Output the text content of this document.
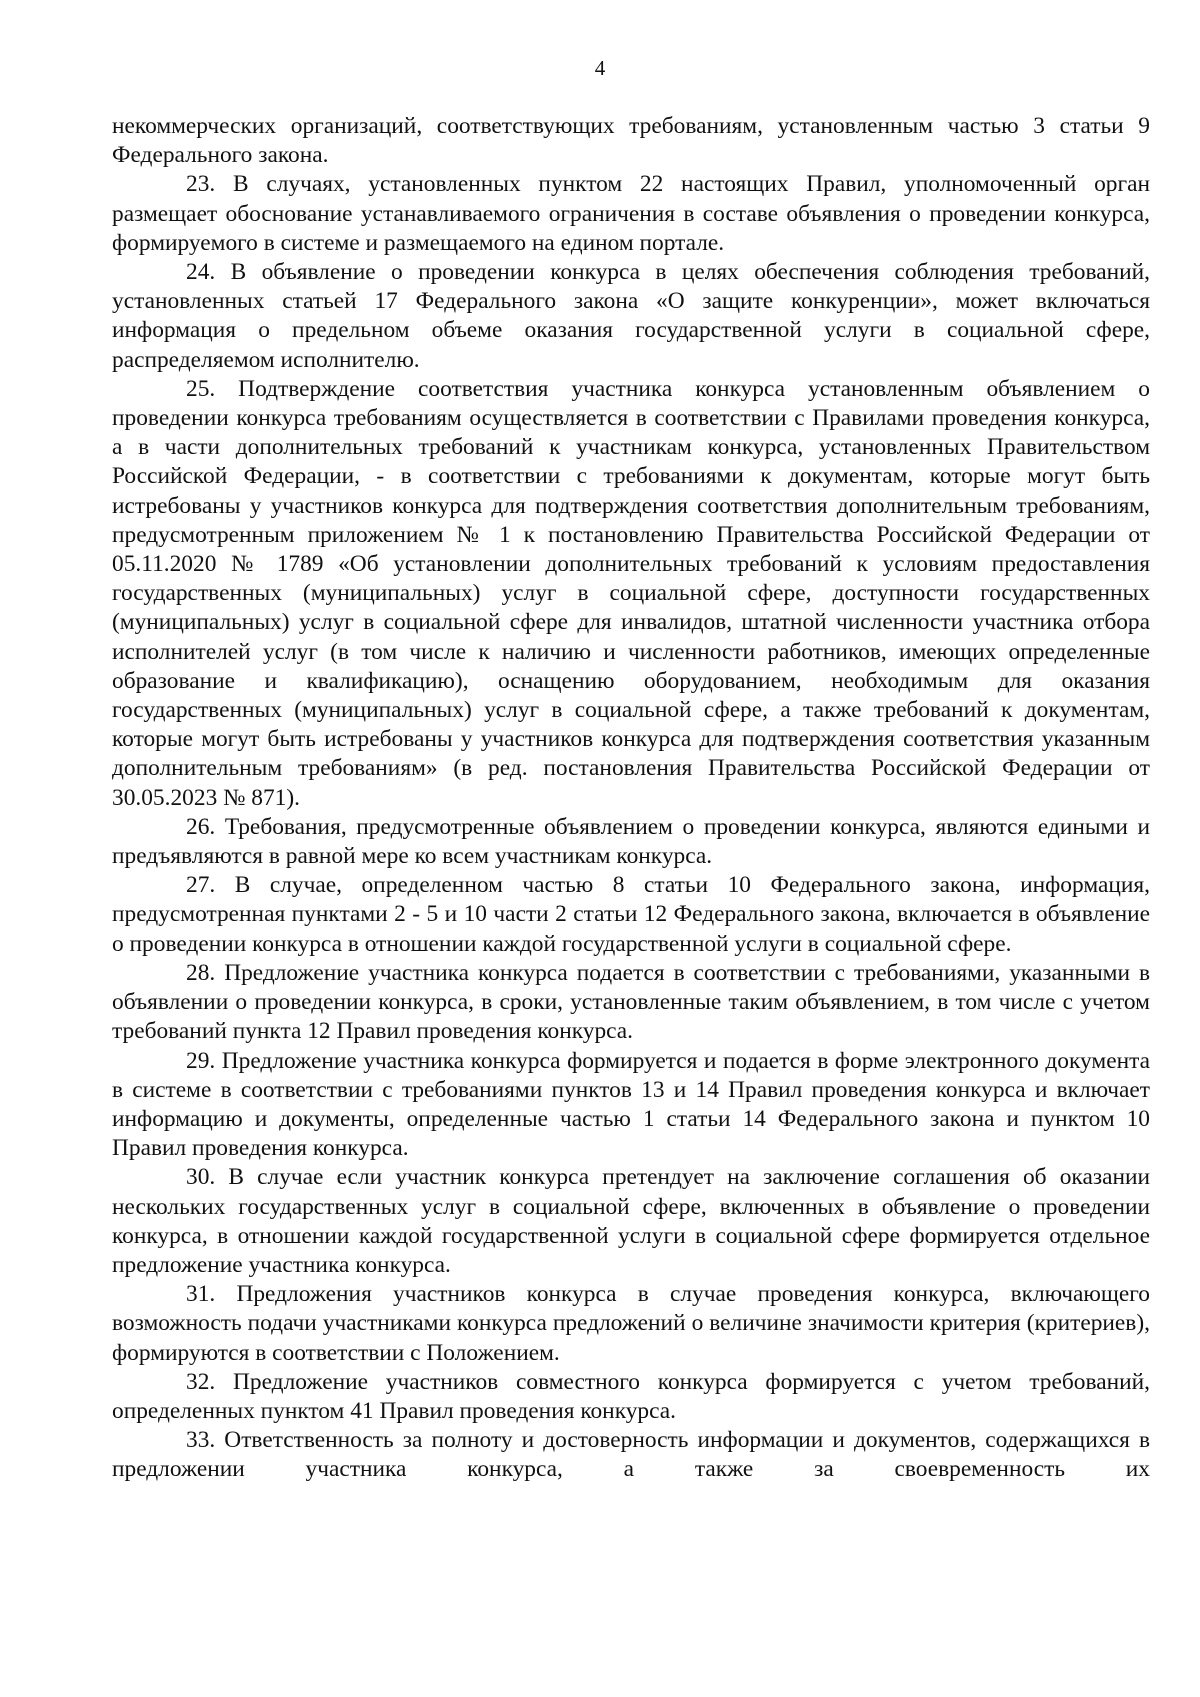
4

некоммерческих организаций, соответствующих требованиям, установленным частью 3 статьи 9 Федерального закона.

23. В случаях, установленных пунктом 22 настоящих Правил, уполномоченный орган размещает обоснование устанавливаемого ограничения в составе объявления о проведении конкурса, формируемого в системе и размещаемого на едином портале.

24. В объявление о проведении конкурса в целях обеспечения соблюдения требований, установленных статьей 17 Федерального закона «О защите конкуренции», может включаться информация о предельном объеме оказания государственной услуги в социальной сфере, распределяемом исполнителю.

25. Подтверждение соответствия участника конкурса установленным объявлением о проведении конкурса требованиям осуществляется в соответствии с Правилами проведения конкурса, а в части дополнительных требований к участникам конкурса, установленных Правительством Российской Федерации, - в соответствии с требованиями к документам, которые могут быть истребованы у участников конкурса для подтверждения соответствия дополнительным требованиям, предусмотренным приложением № 1 к постановлению Правительства Российской Федерации от 05.11.2020 № 1789 «Об установлении дополнительных требований к условиям предоставления государственных (муниципальных) услуг в социальной сфере, доступности государственных (муниципальных) услуг в социальной сфере для инвалидов, штатной численности участника отбора исполнителей услуг (в том числе к наличию и численности работников, имеющих определенные образование и квалификацию), оснащению оборудованием, необходимым для оказания государственных (муниципальных) услуг в социальной сфере, а также требований к документам, которые могут быть истребованы у участников конкурса для подтверждения соответствия указанным дополнительным требованиям» (в ред. постановления Правительства Российской Федерации от 30.05.2023 № 871).

26. Требования, предусмотренные объявлением о проведении конкурса, являются едиными и предъявляются в равной мере ко всем участникам конкурса.

27. В случае, определенном частью 8 статьи 10 Федерального закона, информация, предусмотренная пунктами 2 - 5 и 10 части 2 статьи 12 Федерального закона, включается в объявление о проведении конкурса в отношении каждой государственной услуги в социальной сфере.

28. Предложение участника конкурса подается в соответствии с требованиями, указанными в объявлении о проведении конкурса, в сроки, установленные таким объявлением, в том числе с учетом требований пункта 12 Правил проведения конкурса.

29. Предложение участника конкурса формируется и подается в форме электронного документа в системе в соответствии с требованиями пунктов 13 и 14 Правил проведения конкурса и включает информацию и документы, определенные частью 1 статьи 14 Федерального закона и пунктом 10 Правил проведения конкурса.

30. В случае если участник конкурса претендует на заключение соглашения об оказании нескольких государственных услуг в социальной сфере, включенных в объявление о проведении конкурса, в отношении каждой государственной услуги в социальной сфере формируется отдельное предложение участника конкурса.

31. Предложения участников конкурса в случае проведения конкурса, включающего возможность подачи участниками конкурса предложений о величине значимости критерия (критериев), формируются в соответствии с Положением.

32. Предложение участников совместного конкурса формируется с учетом требований, определенных пунктом 41 Правил проведения конкурса.

33. Ответственность за полноту и достоверность информации и документов, содержащихся в предложении участника конкурса, а также за своевременность их
